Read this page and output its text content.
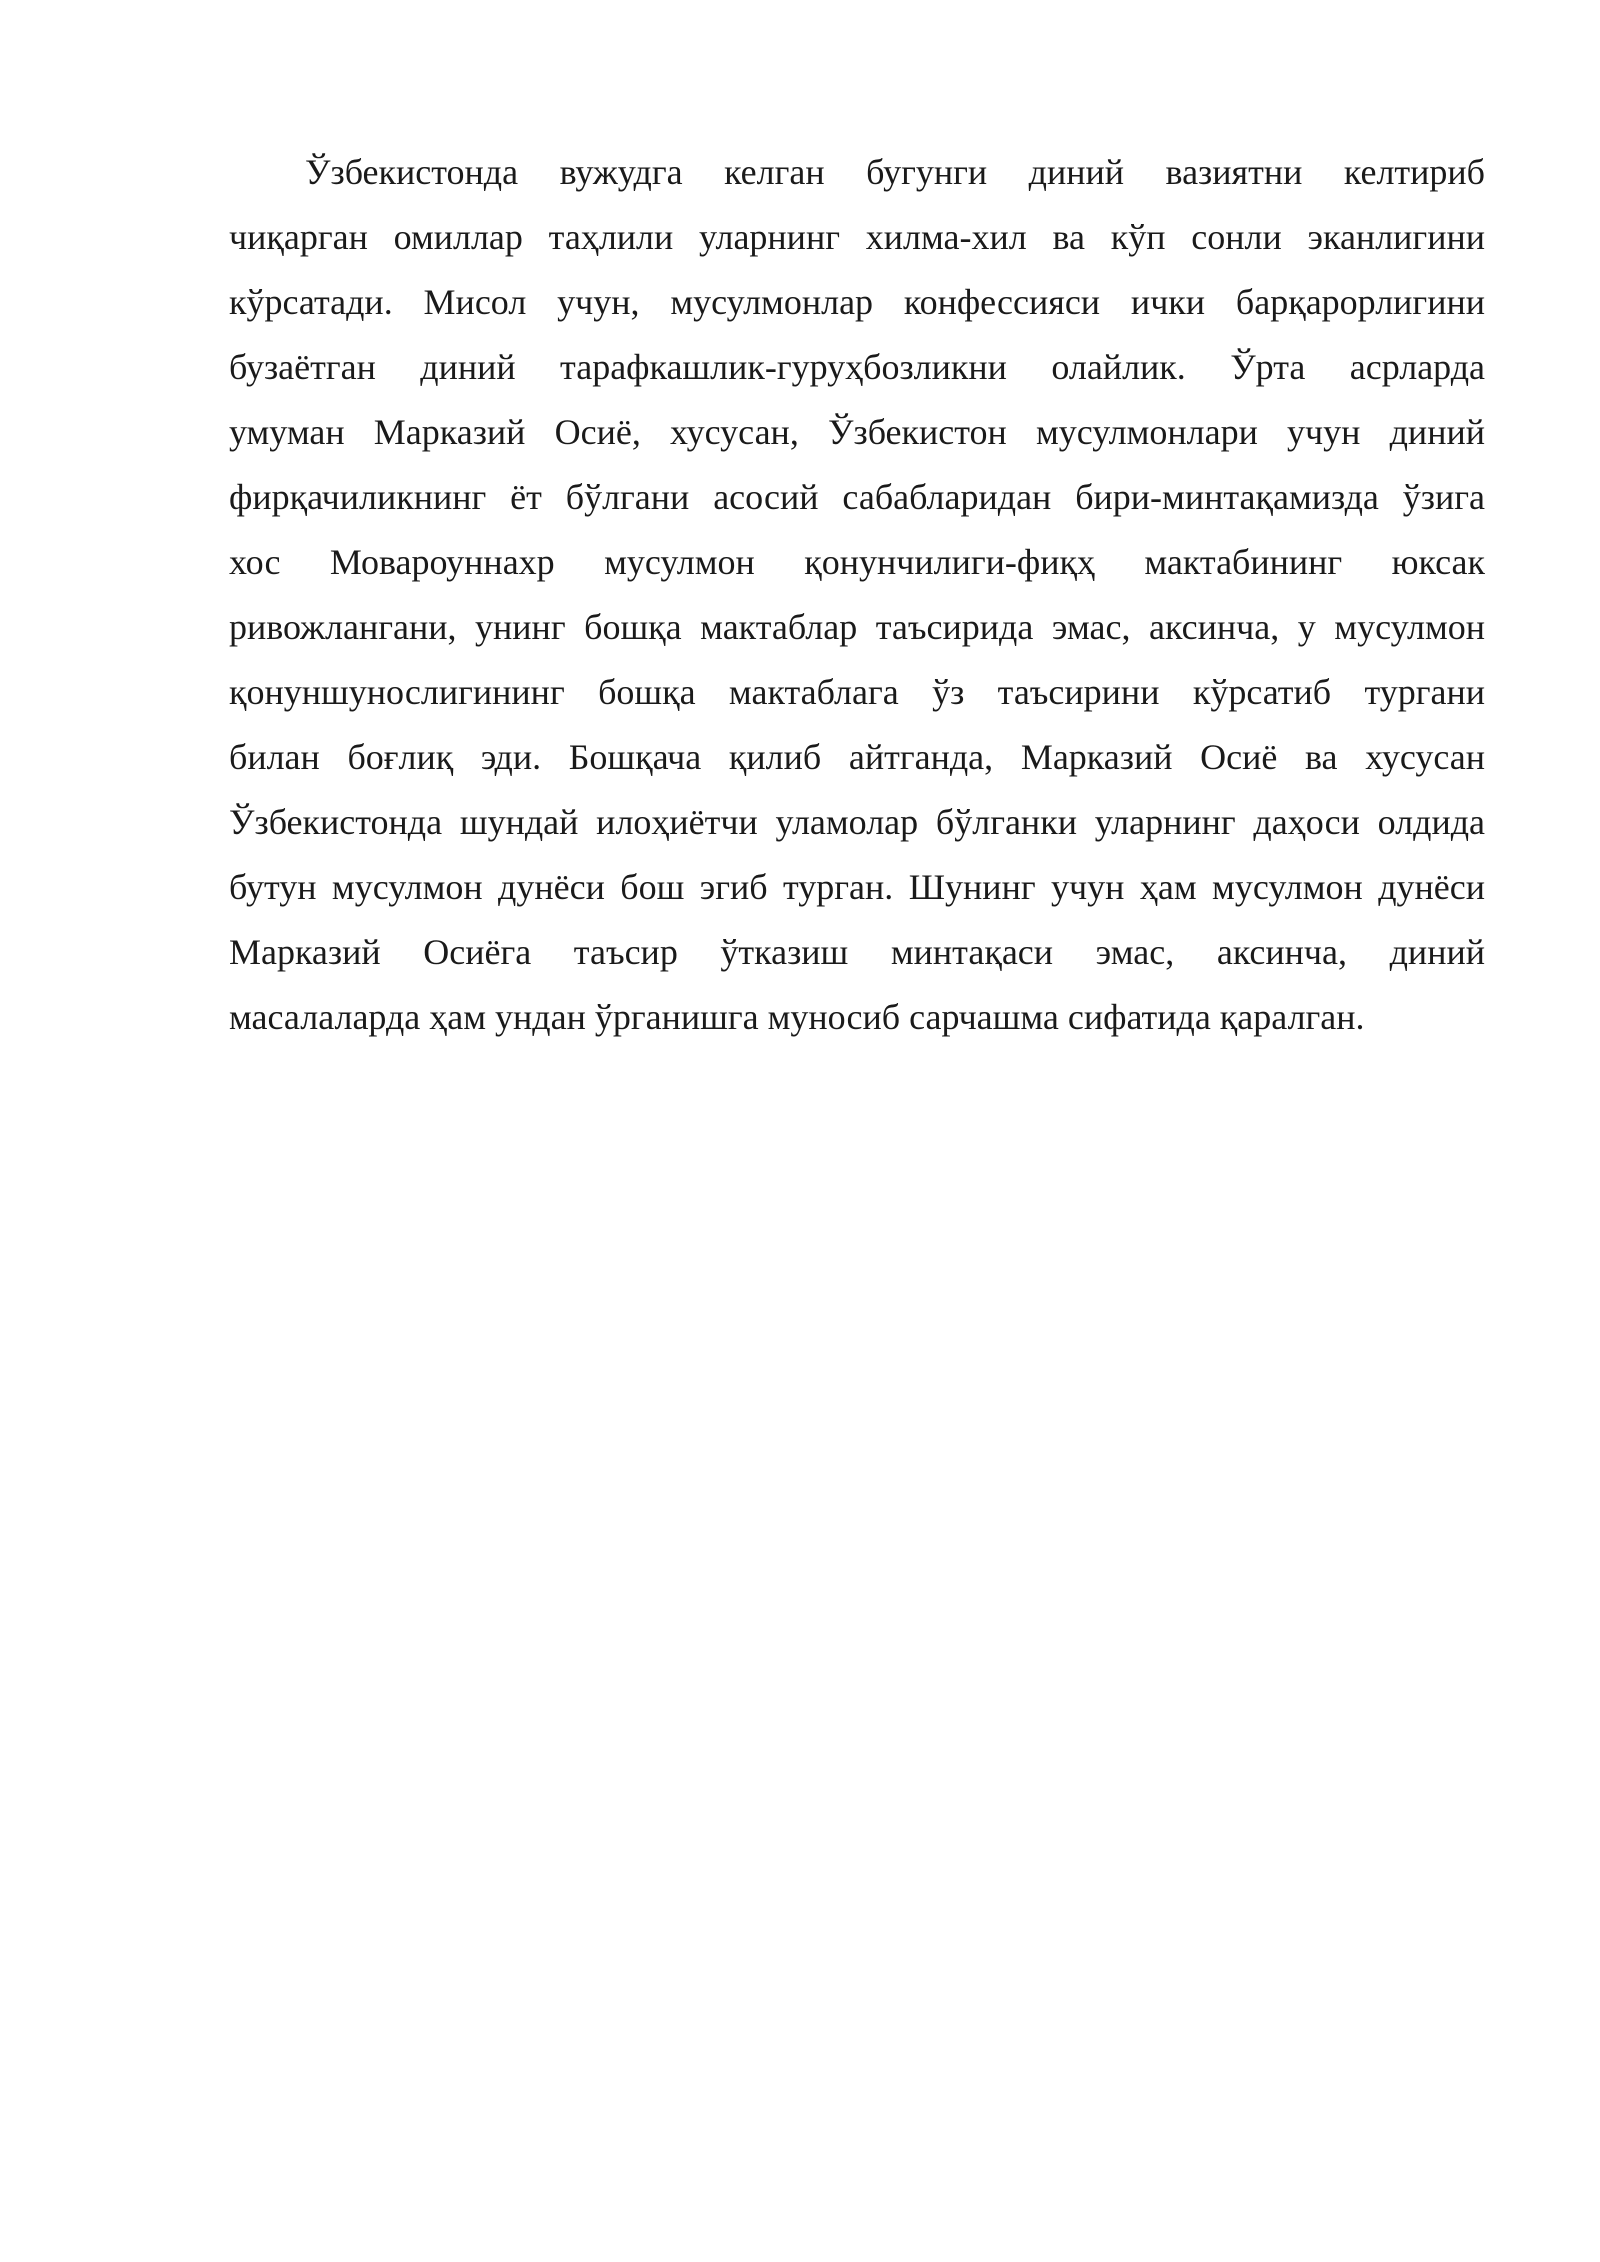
Ўзбекистонда вужудга келган бугунги диний вазиятни келтириб
чиқарган омиллар таҳлили уларнинг хилма-хил ва кўп сонли эканлигини
кўрсатади. Мисол учун, мусулмонлар конфессияси ички барқарорлигини
бузаётган диний тарафкашлик-гуруҳбозликни олайлик. Ўрта асрларда
умуман Марказий Осиё, хусусан, Ўзбекистон мусулмонлари учун диний
фирқачиликнинг ёт бўлгани асосий сабабларидан бири-минтақамизда ўзига
хос Мовароуннахр мусулмон қонунчилиги-фиқҳ мактабининг юксак
ривожлангани, унинг бошқа мактаблар таъсирида эмас, аксинча, у мусулмон
қонуншунослигининг бошқа мактаблага ўз таъсирини кўрсатиб тургани
билан боғлиқ эди. Бошқача қилиб айтганда, Марказий Осиё ва хусусан
Ўзбекистонда шундай илоҳиётчи уламолар бўлганки уларнинг даҳоси олдида
бутун мусулмон дунёси бош эгиб турган. Шунинг учун ҳам мусулмон дунёси
Марказий Осиёга таъсир ўтказиш минтақаси эмас, аксинча, диний
масалаларда ҳам ундан ўрганишга муносиб сарчашма сифатида қаралган.
